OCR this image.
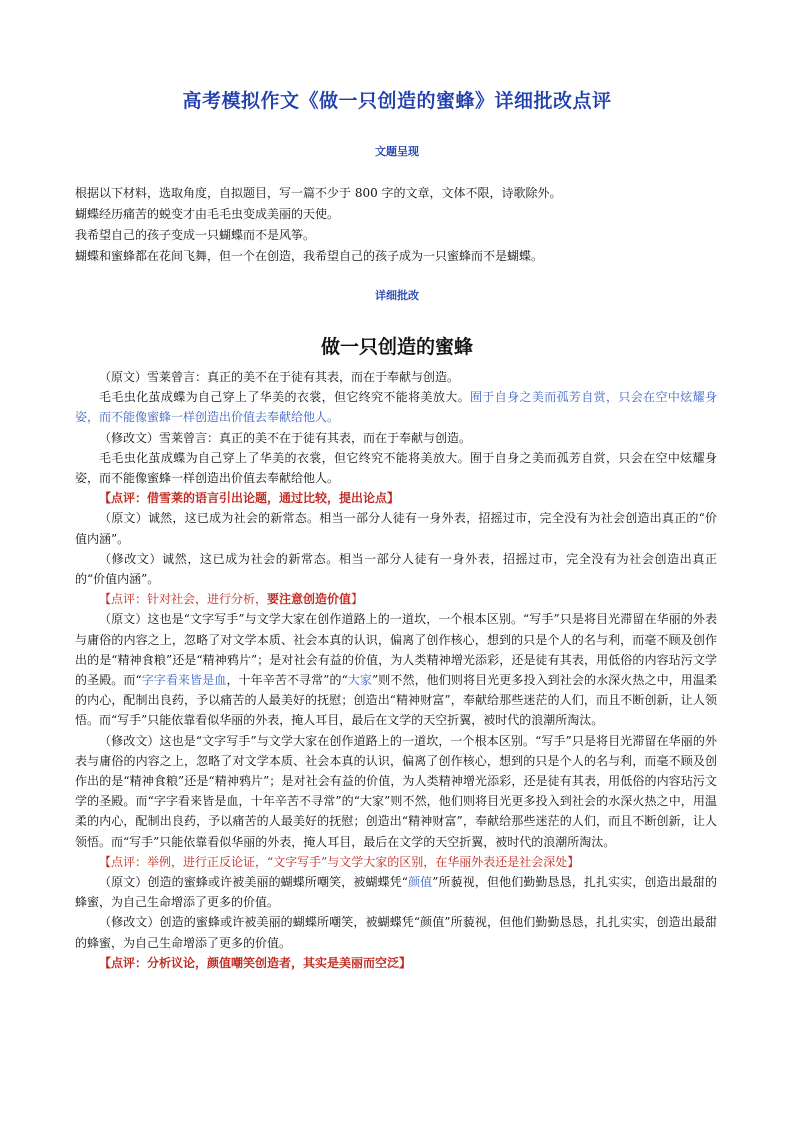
高考模拟作文《做一只创造的蜜蜂》详细批改点评
文题呈现
根据以下材料，选取角度，自拟题目，写一篇不少于 800 字的文章，文体不限，诗歌除外。
蝴蝶经历痛苦的蜕变才由毛毛虫变成美丽的天使。
我希望自己的孩子变成一只蝴蝶而不是风筝。
蝴蝶和蜜蜂都在花间飞舞，但一个在创造，我希望自己的孩子成为一只蜜蜂而不是蝴蝶。
详细批改
做一只创造的蜜蜂

（原文）雪莱曾言：真正的美不在于徒有其表，而在于奉献与创造。

毛毛虫化茧成蝶为自己穿上了华美的衣裳，但它终究不能将美放大。囿于自身之美而孤芳自赏，只会在空中炫耀身姿，而不能像蜜蜂一样创造出价值去奉献给他人。

（修改文）雪莱曾言：真正的美不在于徒有其表，而在于奉献与创造。

毛毛虫化茧成蝶为自己穿上了华美的衣裳，但它终究不能将美放大。囿于自身之美而孤芳自赏，只会在空中炫耀身姿，而不能像蜜蜂一样创造出价值去奉献给他人。

【点评：借雪莱的语言引出论题，通过比较，提出论点】

（原文）诚然，这已成为社会的新常态。相当一部分人徒有一身外表，招摇过市，完全没有为社会创造出真正的“价值内涵”。

（修改文）诚然，这已成为社会的新常态。相当一部分人徒有一身外表，招摇过市，完全没有为社会创造出真正的“价值内涵”。

【点评：针对社会，进行分析，要注意创造价值】

（原文）这也是“文字写手”与文学大家在创作道路上的一道坎，一个根本区别。“写手”只是将目光滞留在华丽的外表与庸俗的内容之上，忽略了对文学本质、社会本真的认识，偏离了创作核心，想到的只是个人的名与利，而毫不顾及创作出的是“精神食粮”还是“精神鸦片”；是对社会有益的价值，为人类精神增光添彩，还是徒有其表，用低俗的内容玷污文学的圣殿。而“字字看来皆是血，十年辛苦不寻常”的“大家”则不然，他们则将目光更多投入到社会的水深火热之中，用温柔的内心，配制出良药，予以痛苦的人最美好的抚慰；创造出“精神财富”，奉献给那些迷茫的人们，而且不断创新，让人领悟。而“写手”只能依靠看似华丽的外表，掩人耳目，最后在文学的天空折翼，被时代的浪潮所淘汰。

（修改文）这也是“文字写手”与文学大家在创作道路上的一道坎，一个根本区别。“写手”只是将目光滞留在华丽的外表与庸俗的内容之上，忽略了对文学本质、社会本真的认识，偏离了创作核心，想到的只是个人的名与利，而毫不顾及创作出的是“精神食粮”还是“精神鸦片”；是对社会有益的价值，为人类精神增光添彩，还是徒有其表，用低俗的内容玷污文学的圣殿。而“字字看来皆是血，十年辛苦不寻常”的“大家”则不然，他们则将目光更多投入到社会的水深火热之中，用温柔的内心，配制出良药，予以痛苦的人最美好的抚慰；创造出“精神财富”，奉献给那些迷茫的人们，而且不断创新，让人领悟。而“写手”只能依靠看似华丽的外表，掩人耳目，最后在文学的天空折翼，被时代的浪潮所淘汰。

【点评：举例，进行正反论证，“文字写手”与文学大家的区别，在华丽外表还是社会深处】

（原文）创造的蜜蜂或许被美丽的蝴蝶所嘲笑，被蝴蝶凭“颜值”所藐视，但他们勤勤恳恳，扎扎实实，创造出最甜的蜂蜜，为自己生命增添了更多的价值。

（修改文）创造的蜜蜂或许被美丽的蝴蝶所嘲笑，被蝴蝶凭“颜值”所藐视，但他们勤勤恳恳，扎扎实实，创造出最甜的蜂蜜，为自己生命增添了更多的价值。

【点评：分析议论，颜值嘲笑创造者，其实是美丽而空泛】
